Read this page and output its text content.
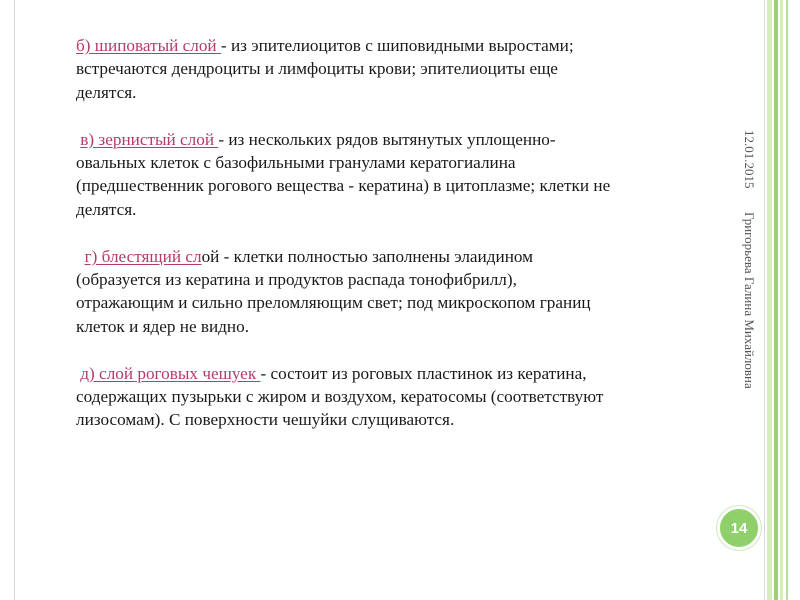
б) шиповатый слой - из эпителиоцитов с шиповидными выростами;
встречаются дендроциты и лимфоциты крови; эпителиоциты еще
делятся.

в) зернистый слой - из нескольких рядов вытянутых уплощенно-
овальных клеток с базофильными гранулами кератогиалина
(предшественник рогового вещества - кератина) в цитоплазме; клетки не
делятся.

г) блестящий слой - клетки полностью заполнены элаидином
(образуется из кератина и продуктов распада тонофибрилл),
отражающим и сильно преломляющим свет; под микроскопом границ
клеток и ядер не видно.

д) слой роговых чешуек - состоит из роговых пластинок из кератина,
содержащих пузырьки с жиром и воздухом, кератосомы (соответствуют
лизосомам). С поверхности чешуйки слущиваются.

12.01.2015
Григорьева Галина Михайловна
14
